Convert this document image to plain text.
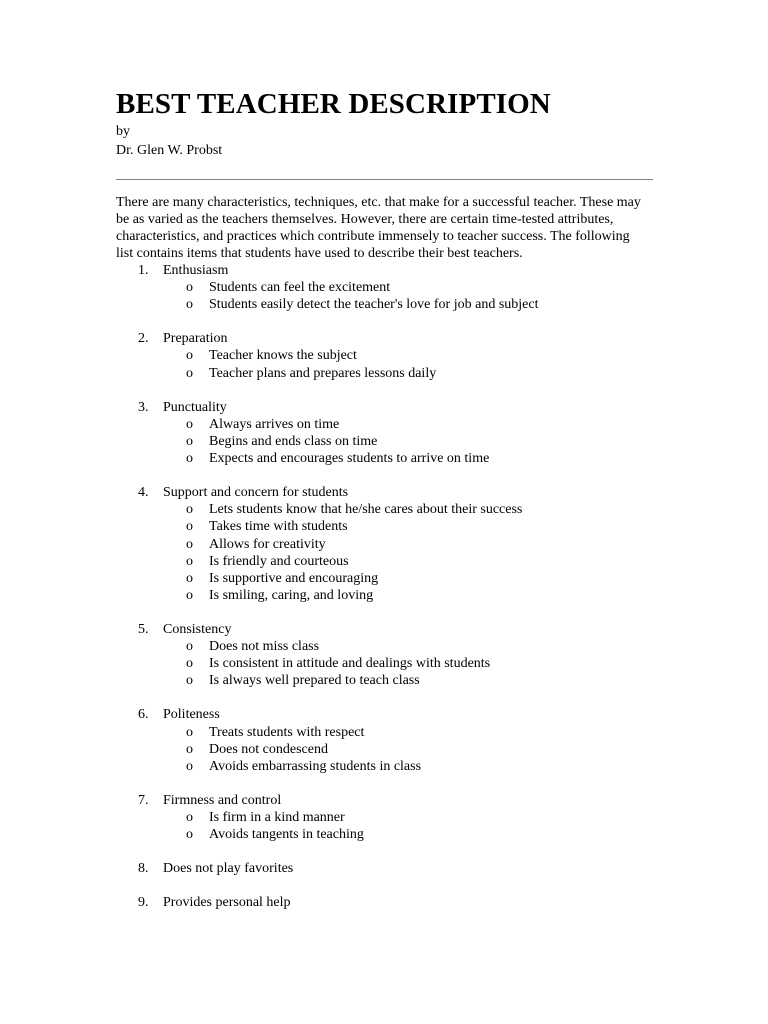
BEST TEACHER DESCRIPTION

by

Dr. Glen W. Probst

There are many characteristics, techniques, etc. that make for a successful teacher. These may be as varied as the teachers themselves. However, there are certain time-tested attributes, characteristics, and practices which contribute immensely to teacher success. The following list contains items that students have used to describe their best teachers.

1.	Enthusiasm
o Students can feel the excitement
o Students easily detect the teacher's love for job and subject
2.	Preparation
o Teacher knows the subject
o Teacher plans and prepares lessons daily
3.	Punctuality
o Always arrives on time
o Begins and ends class on time
o Expects and encourages students to arrive on time
4.	Support and concern for students
o Lets students know that he/she cares about their success
o Takes time with students
o Allows for creativity
o Is friendly and courteous
o Is supportive and encouraging
o Is smiling, caring, and loving
5.	Consistency
o Does not miss class
o Is consistent in attitude and dealings with students
o Is always well prepared to teach class
6.	Politeness
o Treats students with respect
o Does not condescend
o Avoids embarrassing students in class
7.	Firmness and control
o Is firm in a kind manner
o Avoids tangents in teaching
8.	Does not play favorites
9.	Provides personal help
